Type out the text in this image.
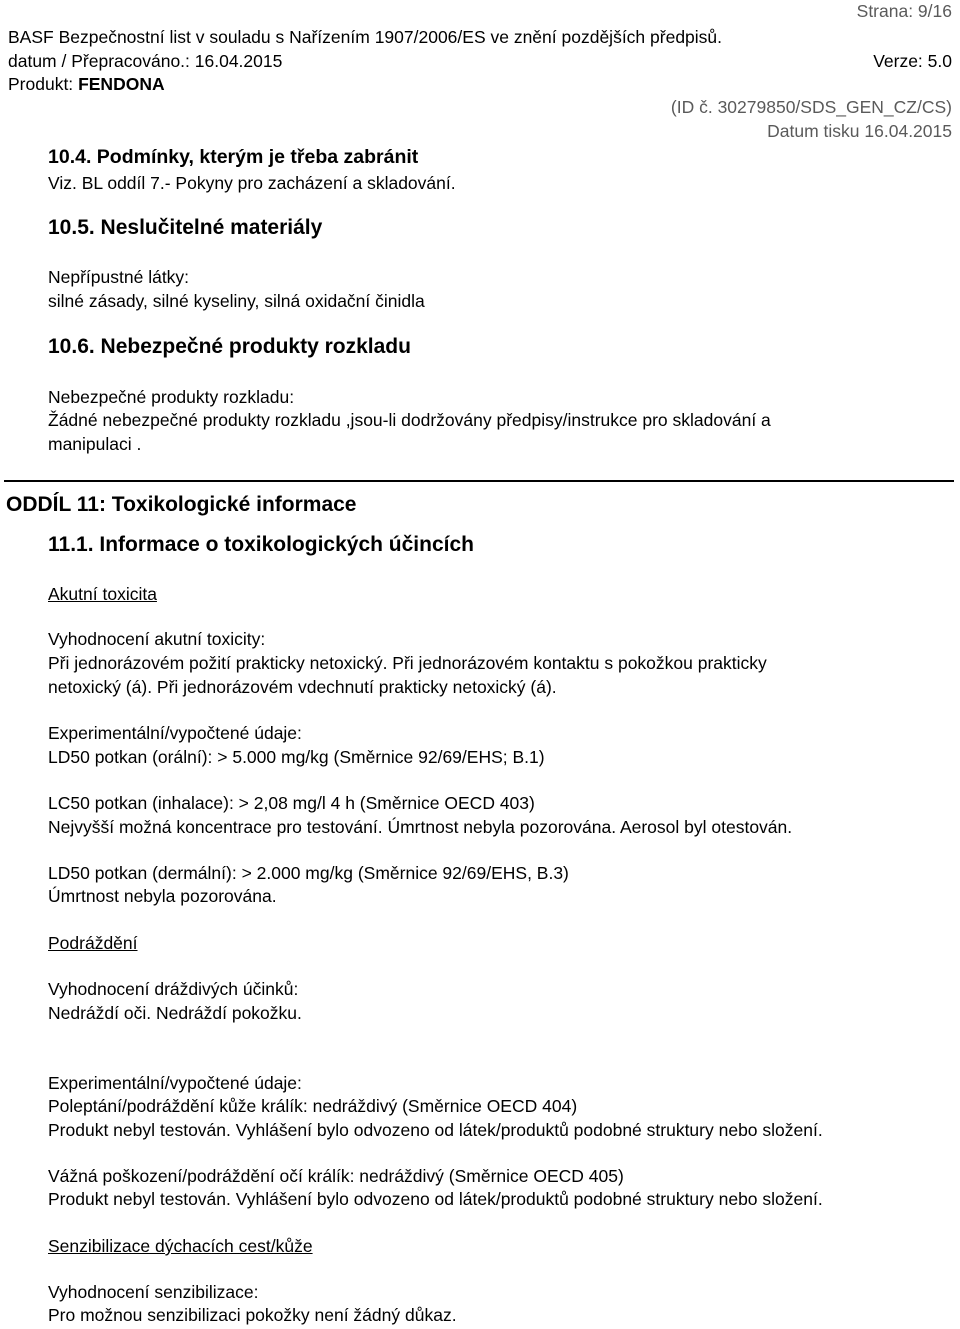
Strana: 9/16
BASF Bezpečnostní list v souladu s Nařízením 1907/2006/ES ve znění pozdějších předpisů.
datum / Přepracováno.: 16.04.2015	Verze: 5.0
Produkt: FENDONA
(ID č. 30279850/SDS_GEN_CZ/CS)
Datum tisku 16.04.2015
10.4. Podmínky, kterým je třeba zabránit
Viz. BL oddíl 7.- Pokyny pro zacházení a skladování.
10.5. Neslučitelné materiály
Nepřípustné látky:
silné zásady, silné kyseliny, silná oxidační činidla
10.6. Nebezpečné produkty rozkladu
Nebezpečné produkty rozkladu:
Žádné nebezpečné produkty rozkladu ,jsou-li dodržovány předpisy/instrukce pro skladování a
manipulaci .
ODDÍL 11: Toxikologické informace
11.1. Informace o toxikologických účincích
Akutní toxicita
Vyhodnocení akutní toxicity:
Při jednorázovém požití prakticky netoxický. Při jednorázovém kontaktu s pokožkou prakticky
netoxický (á). Při jednorázovém vdechnutí prakticky netoxický (á).
Experimentální/vypočtené údaje:
LD50 potkan (orální): > 5.000 mg/kg (Směrnice 92/69/EHS; B.1)
LC50 potkan (inhalace): > 2,08 mg/l 4 h (Směrnice OECD 403)
Nejvyšší možná koncentrace pro testování. Úmrtnost nebyla pozorována. Aerosol byl otestován.
LD50 potkan (dermální): > 2.000 mg/kg (Směrnice 92/69/EHS, B.3)
Úmrtnost nebyla pozorována.
Podráždění
Vyhodnocení dráždivých účinků:
Nedráždí oči. Nedráždí pokožku.
Experimentální/vypočtené údaje:
Poleptání/podráždění kůže králík: nedráždivý (Směrnice OECD 404)
Produkt nebyl testován. Vyhlášení bylo odvozeno od látek/produktů podobné struktury nebo složení.
Vážná poškození/podráždění očí králík: nedráždivý (Směrnice OECD 405)
Produkt nebyl testován. Vyhlášení bylo odvozeno od látek/produktů podobné struktury nebo složení.
Senzibilizace dýchacích cest/kůže
Vyhodnocení senzibilizace:
Pro možnou senzibilizaci pokožky není žádný důkaz.
